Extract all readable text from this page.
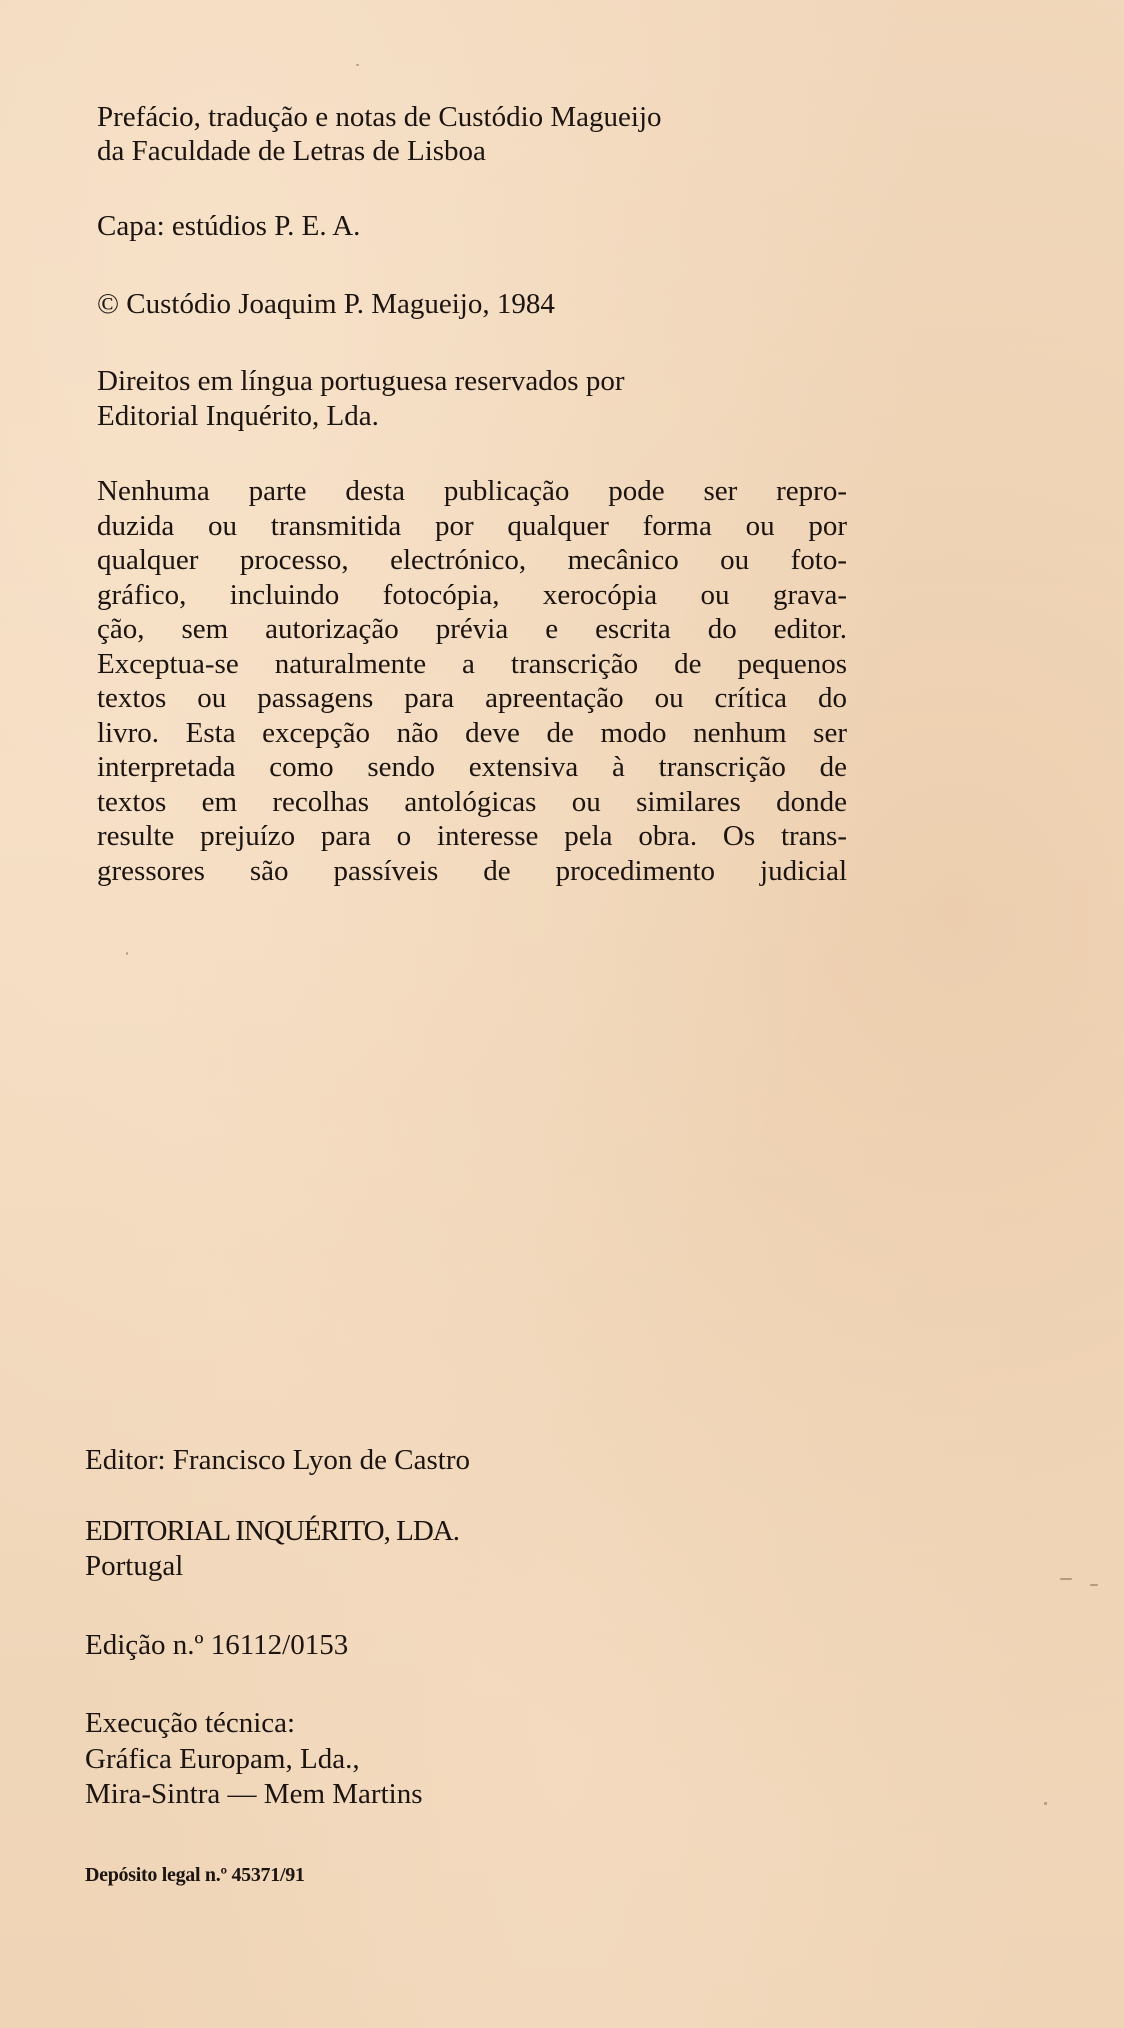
Prefácio, tradução e notas de Custódio Magueijo
da Faculdade de Letras de Lisboa
Capa: estúdios P. E. A.
© Custódio Joaquim P. Magueijo, 1984
Direitos em língua portuguesa reservados por
Editorial Inquérito, Lda.
Nenhuma parte desta publicação pode ser repro-
duzida ou transmitida por qualquer forma ou por
qualquer processo, electrónico, mecânico ou foto-
gráfico, incluindo fotocópia, xerocópia ou grava-
ção, sem autorização prévia e escrita do editor.
Exceptua-se naturalmente a transcrição de pequenos
textos ou passagens para apreentação ou crítica do
livro. Esta excepção não deve de modo nenhum ser
interpretada como sendo extensiva à transcrição de
textos em recolhas antológicas ou similares donde
resulte prejuízo para o interesse pela obra. Os trans-
gressores são passíveis de procedimento judicial
Editor: Francisco Lyon de Castro
EDITORIAL INQUÉRITO, LDA.
Portugal
Edição n.º 16112/0153
Execução técnica:
Gráfica Europam, Lda.,
Mira-Sintra — Mem Martins
Depósito legal n.º 45371/91
